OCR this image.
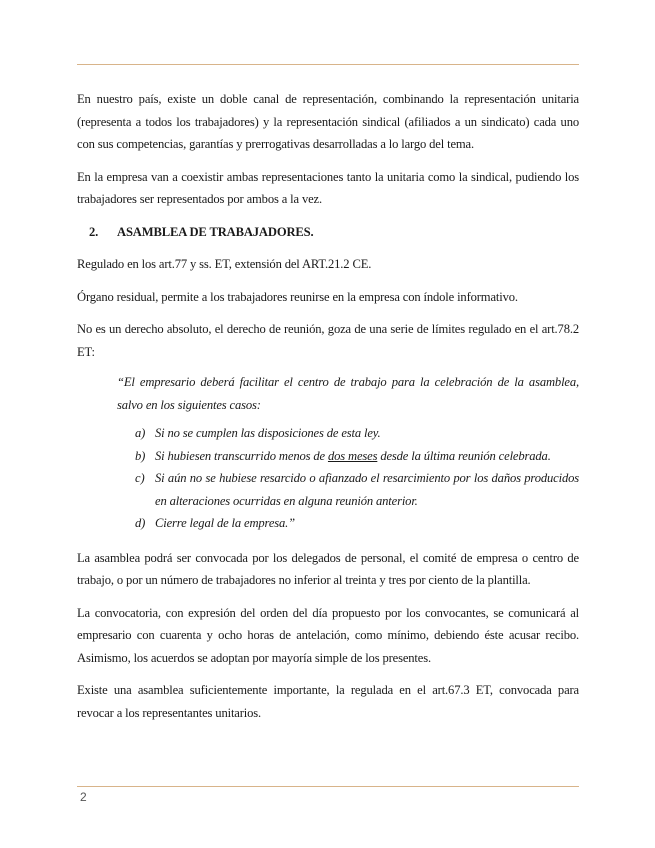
En nuestro país, existe un doble canal de representación, combinando la representación unitaria (representa a todos los trabajadores) y la representación sindical (afiliados a un sindicato) cada uno con sus competencias, garantías y prerrogativas desarrolladas a lo largo del tema.

En la empresa van a coexistir ambas representaciones tanto la unitaria como la sindical, pudiendo los trabajadores ser representados por ambos a la vez.

2. ASAMBLEA DE TRABAJADORES.

Regulado en los art.77 y ss. ET, extensión del ART.21.2 CE.

Órgano residual, permite a los trabajadores reunirse en la empresa con índole informativo.

No es un derecho absoluto, el derecho de reunión, goza de una serie de límites regulado en el art.78.2 ET:

“El empresario deberá facilitar el centro de trabajo para la celebración de la asamblea, salvo en los siguientes casos:

a) Si no se cumplen las disposiciones de esta ley.
b) Si hubiesen transcurrido menos de dos meses desde la última reunión celebrada.
c) Si aún no se hubiese resarcido o afianzado el resarcimiento por los daños producidos en alteraciones ocurridas en alguna reunión anterior.
d) Cierre legal de la empresa.”

La asamblea podrá ser convocada por los delegados de personal, el comité de empresa o centro de trabajo, o por un número de trabajadores no inferior al treinta y tres por ciento de la plantilla.

La convocatoria, con expresión del orden del día propuesto por los convocantes, se comunicará al empresario con cuarenta y ocho horas de antelación, como mínimo, debiendo éste acusar recibo. Asimismo, los acuerdos se adoptan por mayoría simple de los presentes.

Existe una asamblea suficientemente importante, la regulada en el art.67.3 ET, convocada para revocar a los representantes unitarios.

2
